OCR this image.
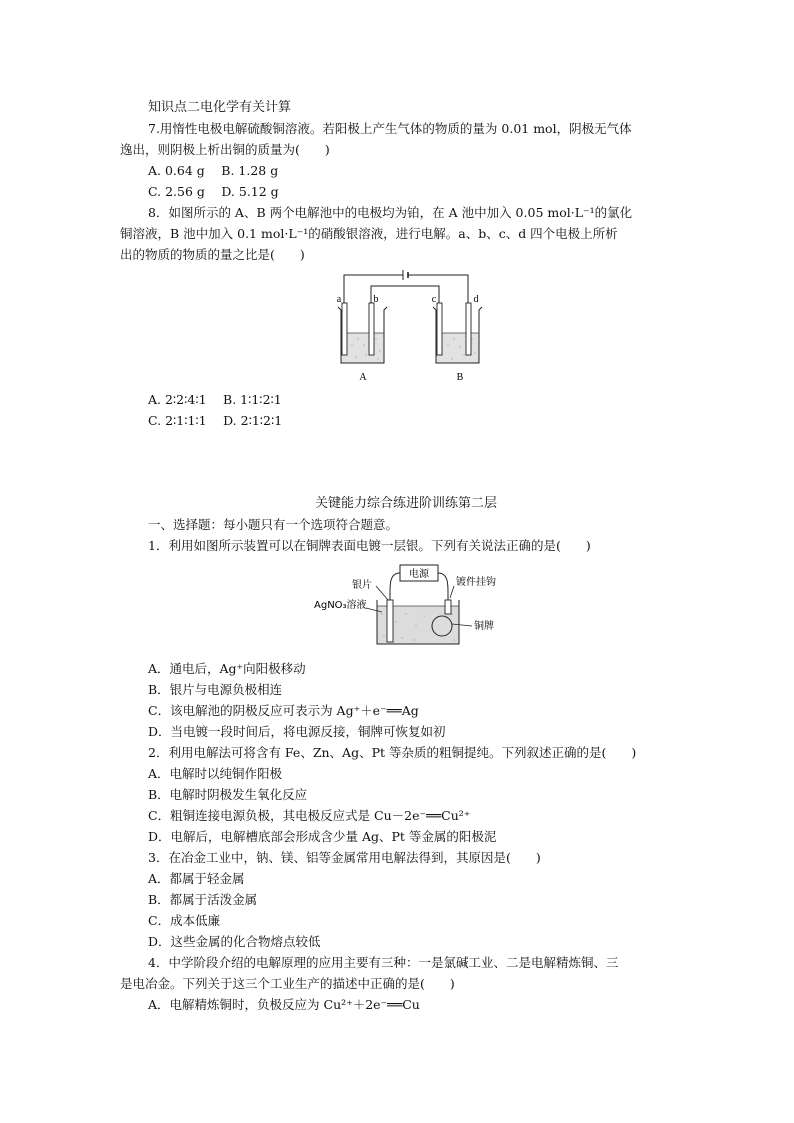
知识点二电化学有关计算
7.用惰性电极电解硫酸铜溶液。若阳极上产生气体的物质的量为 0.01 mol，阴极无气体
逸出，则阴极上析出铜的质量为(　　)
A. 0.64 g　 B. 1.28 g
C. 2.56 g　 D. 5.12 g
8．如图所示的 A、B 两个电解池中的电极均为铂，在 A 池中加入 0.05 mol·L⁻¹的氯化
铜溶液，B 池中加入 0.1 mol·L⁻¹的硝酸银溶液，进行电解。a、b、c、d 四个电极上所析
出的物质的物质的量之比是(　　)
a	b
A
c	d
B
A. 2∶2∶4∶1　 B. 1∶1∶2∶1
C. 2∶1∶1∶1　 D. 2∶1∶2∶1
关键能力综合练进阶训练第二层
一、选择题：每小题只有一个选项符合题意。
1．利用如图所示装置可以在铜牌表面电镀一层银。下列有关说法正确的是(　　)
电源
银片	镀件挂钩
AgNO₃溶液
铜牌
A．通电后，Ag⁺向阳极移动
B．银片与电源负极相连
C．该电解池的阴极反应可表示为 Ag⁺＋e⁻══Ag
D．当电镀一段时间后，将电源反接，铜牌可恢复如初
2．利用电解法可将含有 Fe、Zn、Ag、Pt 等杂质的粗铜提纯。下列叙述正确的是(　　)
A．电解时以纯铜作阳极
B．电解时阴极发生氧化反应
C．粗铜连接电源负极，其电极反应式是 Cu－2e⁻══Cu²⁺
D．电解后，电解槽底部会形成含少量 Ag、Pt 等金属的阳极泥
3．在冶金工业中，钠、镁、铝等金属常用电解法得到，其原因是(　　)
A．都属于轻金属
B．都属于活泼金属
C．成本低廉
D．这些金属的化合物熔点较低
4．中学阶段介绍的电解原理的应用主要有三种：一是氯碱工业、二是电解精炼铜、三
是电冶金。下列关于这三个工业生产的描述中正确的是(　　)
A．电解精炼铜时，负极反应为 Cu²⁺＋2e⁻══Cu
